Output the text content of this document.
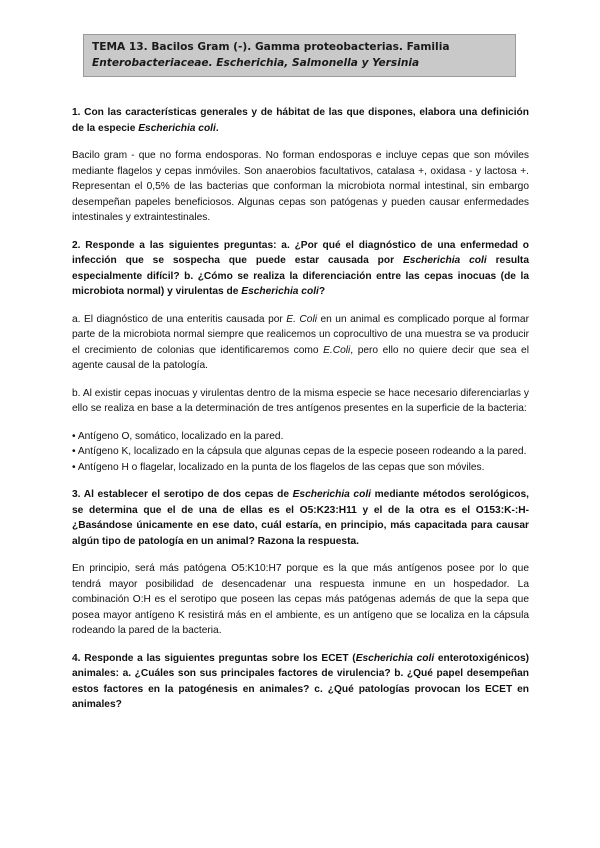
TEMA 13. Bacilos Gram (-). Gamma proteobacterias. Familia
Enterobacteriaceae. Escherichia, Salmonella y Yersinia

1. Con las características generales y de hábitat de las que dispones, elabora una definición de la especie Escherichia coli.

Bacilo gram - que no forma endosporas. No forman endosporas e incluye cepas que son móviles mediante flagelos y cepas inmóviles. Son anaerobios facultativos, catalasa +, oxidasa - y lactosa +. Representan el 0,5% de las bacterias que conforman la microbiota normal intestinal, sin embargo desempeñan papeles beneficiosos. Algunas cepas son patógenas y pueden causar enfermedades intestinales y extraintestinales.

2. Responde a las siguientes preguntas: a. ¿Por qué el diagnóstico de una enfermedad o infección que se sospecha que puede estar causada por Escherichia coli resulta especialmente difícil? b. ¿Cómo se realiza la diferenciación entre las cepas inocuas (de la microbiota normal) y virulentas de Escherichia coli?

a. El diagnóstico de una enteritis causada por E. Coli en un animal es complicado porque al formar parte de la microbiota normal siempre que realicemos un coprocultivo de una muestra se va producir el crecimiento de colonias que identificaremos como E.Coli, pero ello no quiere decir que sea el agente causal de la patología.

b. Al existir cepas inocuas y virulentas dentro de la misma especie se hace necesario diferenciarlas y ello se realiza en base a la determinación de tres antígenos presentes en la superficie de la bacteria:

• Antígeno O, somático, localizado en la pared.

• Antígeno K, localizado en la cápsula que algunas cepas de la especie poseen rodeando a la pared.

• Antígeno H o flagelar, localizado en la punta de los flagelos de las cepas que son móviles.

3. Al establecer el serotipo de dos cepas de Escherichia coli mediante métodos serológicos, se determina que el de una de ellas es el O5:K23:H11 y el de la otra es el O153:K-:H- ¿Basándose únicamente en ese dato, cuál estaría, en principio, más capacitada para causar algún tipo de patología en un animal? Razona la respuesta.

En principio, será más patógena O5:K10:H7 porque es la que más antígenos posee por lo que tendrá mayor posibilidad de desencadenar una respuesta inmune en un hospedador. La combinación O:H es el serotipo que poseen las cepas más patógenas además de que la sepa que posea mayor antígeno K resistirá más en el ambiente, es un antígeno que se localiza en la cápsula rodeando la pared de la bacteria.

4. Responde a las siguientes preguntas sobre los ECET (Escherichia coli enterotoxigénicos) animales: a. ¿Cuáles son sus principales factores de virulencia? b. ¿Qué papel desempeñan estos factores en la patogénesis en animales? c. ¿Qué patologías provocan los ECET en animales?
